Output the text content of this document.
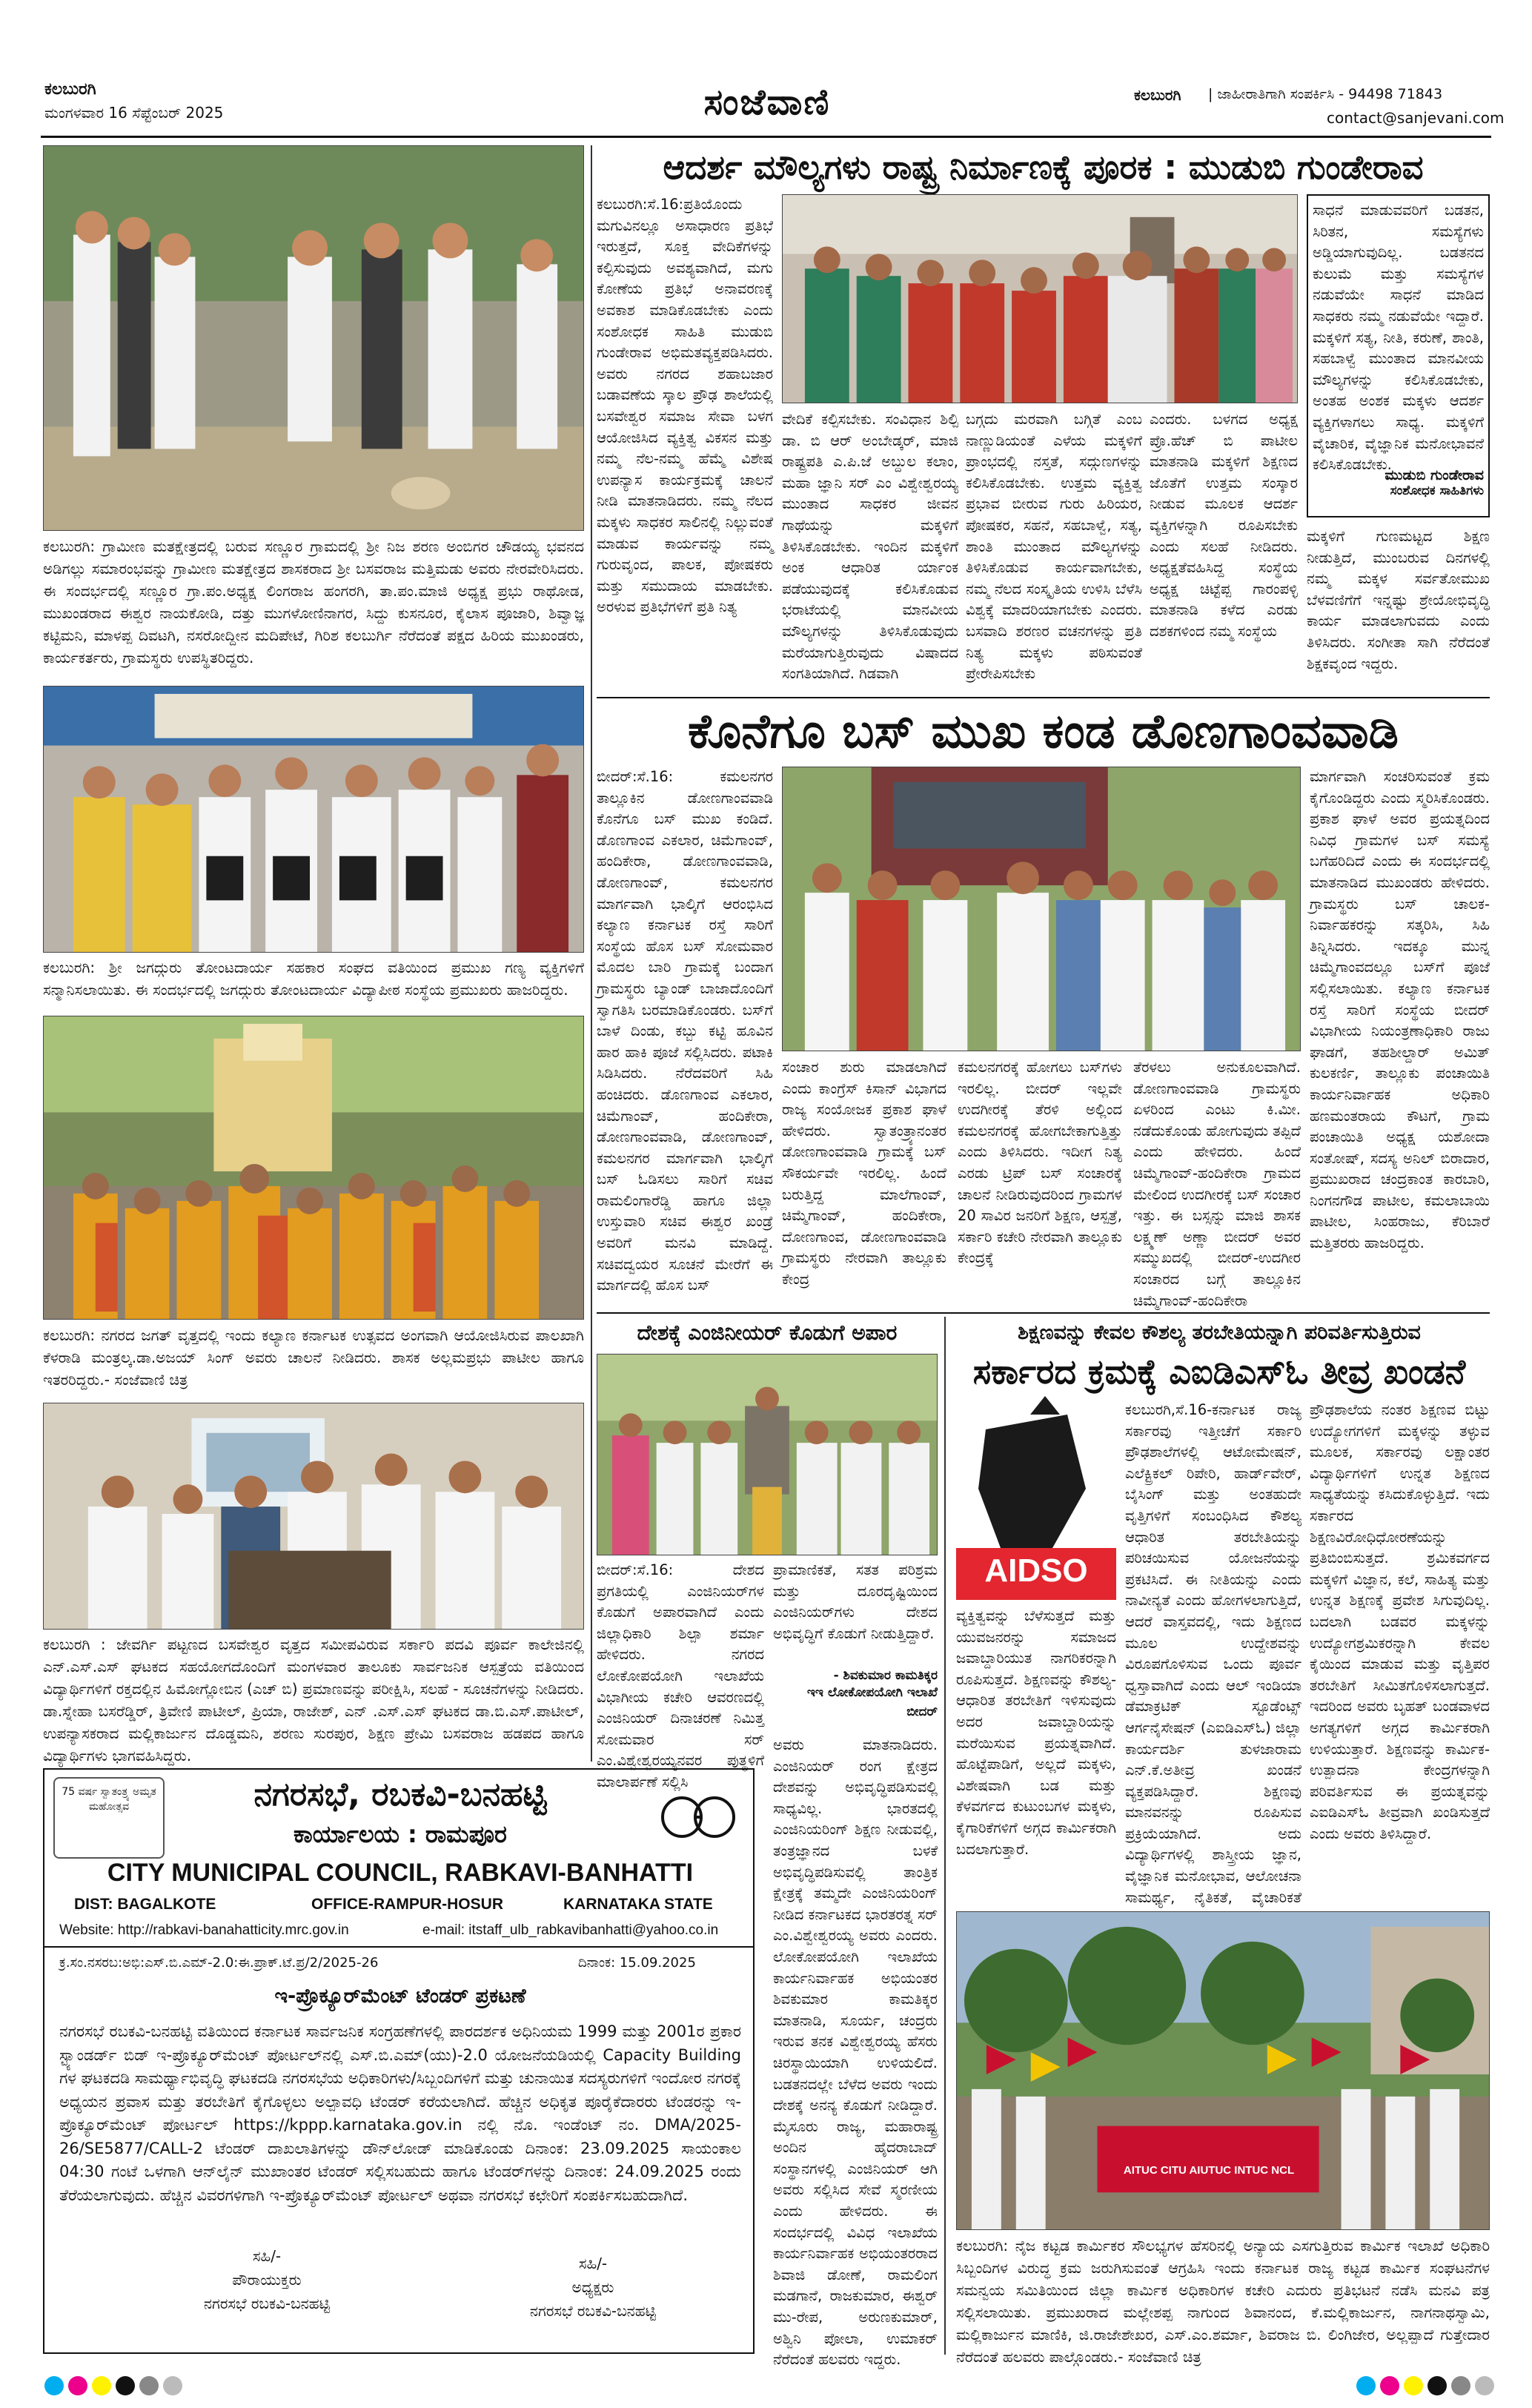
ಕಲಬುರಗಿ
ಮಂಗಳವಾರ 16 ಸೆಪ್ಟೆಂಬರ್ 2025	ಸಂಜೆವಾಣಿ	ಕಲಬುರಗಿ | ಜಾಹೀರಾತಿಗಾಗಿ ಸಂಪರ್ಕಿಸಿ - 94498 71843
contact@sanjevani.com
ಕಲಬುರಗಿ: ಗ್ರಾಮೀಣ ಮತಕ್ಷೇತ್ರದಲ್ಲಿ ಬರುವ ಸಣ್ಣೂರ ಗ್ರಾಮದಲ್ಲಿ ಶ್ರೀ ನಿಜ ಶರಣ ಅಂಬಿಗರ ಚೌಡಯ್ಯ ಭವನದ ಅಡಿಗಲ್ಲು ಸಮಾರಂಭವನ್ನು ಗ್ರಾಮೀಣ ಮತಕ್ಷೇತ್ರದ ಶಾಸಕರಾದ ಶ್ರೀ ಬಸವರಾಜ ಮತ್ತಿಮಡು ಅವರು ನೇರವೇರಿಸಿದರು. ಈ ಸಂದರ್ಭದಲ್ಲಿ ಸಣ್ಣೂರ ಗ್ರಾ.ಪಂ.ಅಧ್ಯಕ್ಷ ಲಿಂಗರಾಜ ಹಂಗರಗಿ, ತಾ.ಪಂ.ಮಾಜಿ ಅಧ್ಯಕ್ಷ ಪ್ರಭು ರಾಥೋಡ, ಮುಖಂಡರಾದ ಈಶ್ವರ ನಾಯಕೋಡಿ, ದತ್ತು ಮುಗಳೋಣಿನಾಗರ, ಸಿದ್ದು ಕುಸನೂರ, ಕೈಲಾಸ ಪೂಜಾರಿ, ಶಿವ್ವಾಜ್ಞ ಕಟ್ಟಿಮನಿ, ಮಾಳಪ್ಪ ದಿವಟಗಿ, ನಸರೋದ್ದೀನ ಮದಿಪೇಟೆ, ಗಿರಿಶ ಕಲಬುರ್ಗಿ ನೆರೆದಂತೆ ಪಕ್ಷದ ಹಿರಿಯ ಮುಖಂಡರು, ಕಾರ್ಯಕರ್ತರು, ಗ್ರಾಮಸ್ಥರು ಉಪಸ್ಥಿತರಿದ್ದರು.
ಕಲಬುರಗಿ: ಶ್ರೀ ಜಗದ್ಗುರು ತೋಂಟದಾರ್ಯ ಸಹಕಾರ ಸಂಘದ ವತಿಯಿಂದ ಪ್ರಮುಖ ಗಣ್ಯ ವ್ಯಕ್ತಿಗಳಿಗೆ ಸನ್ಮಾನಿಸಲಾಯಿತು. ಈ ಸಂದರ್ಭದಲ್ಲಿ ಜಗದ್ಗುರು ತೋಂಟದಾರ್ಯ ವಿದ್ಯಾಪೀಠ ಸಂಸ್ಥೆಯ ಪ್ರಮುಖರು ಹಾಜರಿದ್ದರು.
ಕಲಬುರಗಿ: ನಗರದ ಜಗತ್ ವೃತ್ತದಲ್ಲಿ ಇಂದು ಕಲ್ಯಾಣ ಕರ್ನಾಟಕ ಉತ್ಸವದ ಅಂಗವಾಗಿ ಆಯೋಜಿಸಿರುವ ಪಾಲಖಾಗಿ ಕೆಳರಾಡಿ ಮಂತ್ರಲ್ಕ.ಡಾ.ಅಜಯ್ ಸಿಂಗ್ ಅವರು ಚಾಲನೆ ನೀಡಿದರು. ಶಾಸಕ ಅಲ್ಲಮಪ್ರಭು ಪಾಟೀಲ ಹಾಗೂ ಇತರರಿದ್ದರು.- ಸಂಜೆವಾಣಿ ಚಿತ್ರ
ಕಲಬುರಗಿ : ಜೇವರ್ಗಿ ಪಟ್ಟಣದ ಬಸವೇಶ್ವರ ವೃತ್ತದ ಸಮೀಪವಿರುವ ಸರ್ಕಾರಿ ಪದವಿ ಪೂರ್ವ ಕಾಲೇಜಿನಲ್ಲಿ ಎನ್.ಎಸ್.ಎಸ್ ಘಟಕದ ಸಹಯೋಗದೊಂದಿಗೆ ಮಂಗಳವಾರ ತಾಲೂಕು ಸಾರ್ವಜನಿಕ ಆಸ್ಪತ್ರೆಯ ವತಿಯಿಂದ ವಿದ್ಯಾರ್ಥಿಗಳಿಗೆ ರಕ್ತದಲ್ಲಿನ ಹಿಮೋಗ್ಲೋಬಿನ (ಎಚ್ ಬಿ) ಪ್ರಮಾಣವನ್ನು ಪರೀಕ್ಷಿಸಿ, ಸಲಹೆ - ಸೂಚನೆಗಳನ್ನು ನೀಡಿದರು. ಡಾ.ಸ್ನೇಹಾ ಬಸರೆಡ್ಡಿರ್, ತ್ರಿವೇಣಿ ಪಾಟೀಲ್, ಪ್ರಿಯಾ, ರಾಜೇಶ್, ಎನ್ .ಎಸ್.ಎಸ್ ಘಟಕದ ಡಾ.ಬಿ.ಎಸ್.ಪಾಟೀಲ್, ಉಪನ್ಯಾಸಕರಾದ ಮಲ್ಲಿಕಾರ್ಜುನ ದೊಡ್ಡಮನಿ, ಶರಣು ಸುರಪುರ, ಶಿಕ್ಷಣ ಪ್ರೇಮಿ ಬಸವರಾಜ ಹಡಪದ ಹಾಗೂ ವಿದ್ಯಾರ್ಥಿಗಳು ಭಾಗವಹಿಸಿದ್ದರು.
75 ವರ್ಷ ಸ್ವಾತಂತ್ರ್ಯ ಅಮೃತ ಮಹೋತ್ಸವ	ನಗರಸಭೆ, ರಬಕವಿ-ಬನಹಟ್ಟಿ
ಕಾರ್ಯಾಲಯ : ರಾಮಪೂರ
CITY MUNICIPAL COUNCIL, RABKAVI-BANHATTI
DIST: BAGALKOTE	OFFICE-RAMPUR-HOSUR	KARNATAKA STATE
Website: http://rabkavi-banahatticity.mrc.gov.in	e-mail: itstaff_ulb_rabkavibanhatti@yahoo.co.in
ಕ್ರ.ಸಂ.ನಸರಬ:ಅಭಿ:ಎಸ್.ಬಿ.ಎಮ್-2.0:ಈ.ಪ್ರಾಕ್.ಟೆ.ಪ್ರ/2/2025-26	ದಿನಾಂಕ: 15.09.2025
ಇ-ಪ್ರೊಕ್ಯೂರ್‌ಮೆಂಟ್ ಟೆಂಡರ್ ಪ್ರಕಟಣೆ
ನಗರಸಭೆ ರಬಕವಿ-ಬನಹಟ್ಟಿ ವತಿಯಿಂದ ಕರ್ನಾಟಕ ಸಾರ್ವಜನಿಕ ಸಂಗ್ರಹಣೆಗಳಲ್ಲಿ ಪಾರದರ್ಶಕ ಅಧಿನಿಯಮ 1999 ಮತ್ತು 2001ರ ಪ್ರಕಾರ ಸ್ಟ್ಯಾಂಡರ್ಡ್ ಬಿಡ್ ಇ-ಪ್ರೊಕ್ಯೂರ್‌ಮೆಂಟ್ ಪೋರ್ಟಲ್‌ನಲ್ಲಿ ಎಸ್.ಬಿ.ಎಮ್(ಯು)-2.0 ಯೋಜನೆಯಡಿಯಲ್ಲಿ Capacity Building ಗಳ ಘಟಕದಡಿ ಸಾಮರ್ಥ್ಯಾಭಿವೃದ್ಧಿ ಘಟಕದಡಿ ನಗರಸಭೆಯ ಅಧಿಕಾರಿಗಳು/ಸಿಬ್ಬಂದಿಗಳಿಗೆ ಮತ್ತು ಚುನಾಯಿತ ಸದಸ್ಯರುಗಳಿಗೆ ಇಂದೋರ ನಗರಕ್ಕೆ ಅಧ್ಯಯನ ಪ್ರವಾಸ ಮತ್ತು ತರಬೇತಿಗೆ ಕೈಗೊಳ್ಳಲು ಅಲ್ಪಾವಧಿ ಟೆಂಡರ್ ಕರೆಯಲಾಗಿದೆ. ಹೆಚ್ಚಿನ ಅಧಿಕೃತ ಪೂರೈಕೆದಾರರು ಟೆಂಡರನ್ನು ಇ-ಪ್ರೊಕ್ಯೂರ್‌ಮೆಂಟ್ ಪೋರ್ಟಲ್ https://kppp.karnataka.gov.in ನಲ್ಲಿ ನೊ. ಇಂಡೆಂಟ್ ನಂ. DMA/2025-26/SE5877/CALL-2 ಟೆಂಡರ್ ದಾಖಲಾತಿಗಳನ್ನು ಡೌನ್‌ಲೋಡ್ ಮಾಡಿಕೊಂಡು ದಿನಾಂಕ: 23.09.2025 ಸಾಯಂಕಾಲ 04:30 ಗಂಟೆ ಒಳಗಾಗಿ ಆನ್‌ಲೈನ್ ಮುಖಾಂತರ ಟೆಂಡರ್ ಸಲ್ಲಿಸಬಹುದು ಹಾಗೂ ಟೆಂಡರ್‌ಗಳನ್ನು ದಿನಾಂಕ: 24.09.2025 ರಂದು ತೆರೆಯಲಾಗುವುದು. ಹೆಚ್ಚಿನ ವಿವರಗಳಿಗಾಗಿ ಇ-ಪ್ರೊಕ್ಯೂರ್‌ಮೆಂಟ್ ಪೋರ್ಟಲ್ ಅಥವಾ ನಗರಸಭೆ ಕಛೇರಿಗೆ ಸಂಪರ್ಕಿಸಬಹುದಾಗಿದೆ.
ಸಹಿ/-
ಪೌರಾಯುಕ್ತರು
ನಗರಸಭೆ ರಬಕವಿ-ಬನಹಟ್ಟಿ
ಸಹಿ/-
ಅಧ್ಯಕ್ಷರು
ನಗರಸಭೆ ರಬಕವಿ-ಬನಹಟ್ಟಿ
ಆದರ್ಶ ಮೌಲ್ಯಗಳು ರಾಷ್ಟ್ರ ನಿರ್ಮಾಣಕ್ಕೆ ಪೂರಕ : ಮುಡುಬಿ ಗುಂಡೇರಾವ
ಕಲಬುರಗಿ:ಸೆ.16:ಪ್ರತಿಯೊಂದು ಮಗುವಿನಲ್ಲೂ ಅಸಾಧಾರಣ ಪ್ರತಿಭೆ ಇರುತ್ತದೆ, ಸೂಕ್ತ ವೇದಿಕೆಗಳನ್ನು ಕಲ್ಪಿಸುವುದು ಅವಶ್ಯವಾಗಿದೆ, ಮಗು ಕೋಣೆಯ ಪ್ರತಿಭೆ ಅನಾವರಣಕ್ಕೆ ಅವಕಾಶ ಮಾಡಿಕೊಡಬೇಕು ಎಂದು ಸಂಶೋಧಕ ಸಾಹಿತಿ ಮುಡುಬಿ ಗುಂಡೇರಾವ ಅಭಿಮತವ್ಯಕ್ತಪಡಿಸಿದರು. ಅವರು ನಗರದ ಶಹಾಬಜಾರ ಬಡಾವಣೆಯ ಸ್ಕಾಲ ಪ್ರೌಢ ಶಾಲೆಯಲ್ಲಿ ಬಸವೇಶ್ವರ ಸಮಾಜ ಸೇವಾ ಬಳಗ ಆಯೋಜಿಸಿದ ವ್ಯಕ್ತಿತ್ವ ವಿಕಸನ ಮತ್ತು ನಮ್ಮ ನೆಲ-ನಮ್ಮ ಹೆಮ್ಮೆ ವಿಶೇಷ ಉಪನ್ಯಾಸ ಕಾರ್ಯಕ್ರಮಕ್ಕೆ ಚಾಲನೆ ನೀಡಿ ಮಾತನಾಡಿದರು. ನಮ್ಮ ನೆಲದ ಮಕ್ಕಳು ಸಾಧಕರ ಸಾಲಿನಲ್ಲಿ ನಿಲ್ಲುವಂತೆ ಮಾಡುವ ಕಾರ್ಯವನ್ನು ನಮ್ಮ ಗುರುವೃಂದ, ಪಾಲಕ, ಪೋಷಕರು ಮತ್ತು ಸಮುದಾಯ ಮಾಡಬೇಕು. ಅರಳುವ ಪ್ರತಿಭೆಗಳಿಗೆ ಪ್ರತಿ ನಿತ್ಯ
ವೇದಿಕೆ ಕಲ್ಪಿಸಬೇಕು. ಸಂವಿಧಾನ ಶಿಲ್ಪಿ ಡಾ. ಬಿ ಆರ್ ಅಂಬೇಡ್ಕರ್, ಮಾಜಿ ರಾಷ್ಟ್ರಪತಿ ಎ.ಪಿ.ಜೆ ಅಬ್ದುಲ ಕಲಾಂ, ಮಹಾ ಜ್ಞಾನಿ ಸರ್ ಎಂ ವಿಶ್ವೇಶ್ವರಯ್ಯ ಮುಂತಾದ ಸಾಧಕರ ಜೀವನ ಗಾಥೆಯನ್ನು ಮಕ್ಕಳಿಗೆ ತಿಳಿಸಿಕೊಡಬೇಕು. ಇಂದಿನ ಮಕ್ಕಳಿಗೆ ಅಂಕ ಆಧಾರಿತ ರ್ಯಾಂಕ ಪಡೆಯುವುದಕ್ಕೆ ಕಲಿಸಿಕೊಡುವ ಭರಾಟೆಯಲ್ಲಿ ಮಾನವೀಯ ಮೌಲ್ಯಗಳನ್ನು ತಿಳಿಸಿಕೊಡುವುದು ಮರೆಯಾಗುತ್ತಿರುವುದು ವಿಷಾದದ ಸಂಗತಿಯಾಗಿದೆ. ಗಿಡವಾಗಿ
ಬಗ್ಗದು ಮರವಾಗಿ ಬಗ್ಗಿತೆ ಎಂಬ ನಾಣ್ಣುಡಿಯಂತೆ ಎಳೆಯ ಮಕ್ಕಳಿಗೆ ಪ್ರಾಂಭದಲ್ಲಿ ನಸ್ತತೆ, ಸದ್ಗುಣಗಳನ್ನು ಕಲಿಸಿಕೊಡಬೇಕು. ಉತ್ತಮ ವ್ಯಕ್ತಿತ್ವ ಪ್ರಭಾವ ಬೀರುವ ಗುರು ಹಿರಿಯರ, ಪೋಷಕರ, ಸಹನೆ, ಸಹಬಾಳ್ವೆ, ಸತ್ಯ, ಶಾಂತಿ ಮುಂತಾದ ಮೌಲ್ಯಗಳನ್ನು ತಿಳಿಸಿಕೊಡುವ ಕಾರ್ಯವಾಗಬೇಕು, ನಮ್ಮ ನೆಲದ ಸಂಸ್ಕೃತಿಯ ಉಳಿಸಿ ಬೆಳೆಸಿ ವಿಶ್ವಕ್ಕೆ ಮಾದರಿಯಾಗಬೇಕು ಎಂದರು. ಬಸವಾದಿ ಶರಣರ ವಚನಗಳನ್ನು ಪ್ರತಿ ನಿತ್ಯ ಮಕ್ಕಳು ಪಠಿಸುವಂತೆ ಪ್ರೇರೇಪಿಸಬೇಕು
ಎಂದರು. ಬಳಗದ ಅಧ್ಯಕ್ಷ ಪ್ರೊ.ಹೆಚ್ ಬಿ ಪಾಟೀಲ ಮಾತನಾಡಿ ಮಕ್ಕಳಿಗೆ ಶಿಕ್ಷಣದ ಜೊತೆಗೆ ಉತ್ತಮ ಸಂಸ್ಕಾರ ನೀಡುವ ಮೂಲಕ ಆದರ್ಶ ವ್ಯಕ್ತಿಗಳನ್ನಾಗಿ ರೂಪಿಸಬೇಕು ಎಂದು ಸಲಹೆ ನೀಡಿದರು. ಅಧ್ಯಕ್ಷತೆವಹಿಸಿದ್ದ ಸಂಸ್ಥೆಯ ಅಧ್ಯಕ್ಷ ಚಿಟ್ಟೆಪ್ಪ ಗಾರಂಪಳ್ಳಿ ಮಾತನಾಡಿ ಕಳೆದ ಎರಡು ದಶಕಗಳಿಂದ ನಮ್ಮ ಸಂಸ್ಥೆಯ
ಸಾಧನೆ ಮಾಡುವವರಿಗೆ ಬಡತನ, ಸಿರಿತನ, ಸಮಸ್ಯೆಗಳು ಅಡ್ಡಿಯಾಗುವುದಿಲ್ಲ. ಬಡತನದ ಕುಲುಮೆ ಮತ್ತು ಸಮಸ್ಯೆಗಳ ನಡುವೆಯೇ ಸಾಧನೆ ಮಾಡಿದ ಸಾಧಕರು ನಮ್ಮ ನಡುವೆಯೇ ಇದ್ದಾರೆ. ಮಕ್ಕಳಿಗೆ ಸತ್ಯ, ನೀತಿ, ಕರುಣೆ, ಶಾಂತಿ, ಸಹಬಾಳ್ವೆ ಮುಂತಾದ ಮಾನವೀಯ ಮೌಲ್ಯಗಳನ್ನು ಕಲಿಸಿಕೊಡಬೇಕು, ಅಂತಹ ಅಂಶಕ ಮಕ್ಕಳು ಆದರ್ಶ ವ್ಯಕ್ತಿಗಳಾಗಲು ಸಾಧ್ಯ. ಮಕ್ಕಳಿಗೆ ವೈಚಾರಿಕ, ವೈಜ್ಞಾನಿಕ ಮನೋಭಾವನೆ ಕಲಿಸಿಕೊಡಬೇಕು.
ಮುಡುಬಿ ಗುಂಡೇರಾವ
ಸಂಶೋಧಕ ಸಾಹಿತಿಗಳು
ಮಕ್ಕಳಿಗೆ ಗುಣಮಟ್ಟದ ಶಿಕ್ಷಣ ನೀಡುತ್ತಿದೆ, ಮುಂಬರುವ ದಿನಗಳಲ್ಲಿ ನಮ್ಮ ಮಕ್ಕಳ ಸರ್ವತೋಮುಖ ಬೆಳವಣಿಗೆಗೆ ಇನ್ನಷ್ಟು ಶ್ರೇಯೋಭಿವೃದ್ಧಿ ಕಾರ್ಯ ಮಾಡಲಾಗುವದು ಎಂದು ತಿಳಿಸಿದರು. ಸಂಗೀತಾ ಸಾಗಿ ನೆರೆದಂತೆ ಶಿಕ್ಷಕವೃಂದ ಇದ್ದರು.
ಕೊನೆಗೂ ಬಸ್ ಮುಖ ಕಂಡ ಡೊಣಗಾಂವವಾಡಿ
ಬೀದರ್:ಸೆ.16: ಕಮಲನಗರ ತಾಲ್ಲೂಕಿನ ಡೋಣಗಾಂವವಾಡಿ ಕೊನೆಗೂ ಬಸ್ ಮುಖ ಕಂಡಿದೆ. ಡೊಣಗಾಂವ ಎಕಲಾರ, ಚಿಮೆಗಾಂವ್, ಹಂದಿಕೇರಾ, ಡೋಣಗಾಂವವಾಡಿ, ಡೋಣಗಾಂವ್, ಕಮಲನಗರ ಮಾರ್ಗವಾಗಿ ಭಾಲ್ಕಿಗೆ ಆರಂಭಿಸಿದ ಕಲ್ಯಾಣ ಕರ್ನಾಟಕ ರಸ್ತೆ ಸಾರಿಗೆ ಸಂಸ್ಥೆಯ ಹೊಸ ಬಸ್ ಸೋಮವಾರ ಮೊದಲ ಬಾರಿ ಗ್ರಾಮಕ್ಕೆ ಬಂದಾಗ ಗ್ರಾಮಸ್ಥರು ಬ್ಯಾಂಡ್ ಬಾಜಾದೊಂದಿಗೆ ಸ್ವಾಗತಿಸಿ ಬರಮಾಡಿಕೊಂಡರು. ಬಸ್‌ಗೆ ಬಾಳೆ ದಿಂಡು, ಕಬ್ಬು ಕಟ್ಟಿ ಹೂವಿನ ಹಾರ ಹಾಕಿ ಪೂಜೆ ಸಲ್ಲಿಸಿದರು. ಪಟಾಕಿ ಸಿಡಿಸಿದರು. ನೆರೆದವರಿಗೆ ಸಿಹಿ ಹಂಚಿದರು. ಡೊಣಗಾಂವ ಎಕಲಾರ, ಚಿಮೆಗಾಂವ್, ಹಂದಿಕೇರಾ, ಡೋಣಗಾಂವವಾಡಿ, ಡೋಣಗಾಂವ್, ಕಮಲನಗರ ಮಾರ್ಗವಾಗಿ ಭಾಲ್ಕಿಗೆ ಬಸ್ ಓಡಿಸಲು ಸಾರಿಗೆ ಸಚಿವ ರಾಮಲಿಂಗಾರೆಡ್ಡಿ ಹಾಗೂ ಜಿಲ್ಲಾ ಉಸ್ತುವಾರಿ ಸಚಿವ ಈಶ್ವರ ಖಂಡ್ರೆ ಅವರಿಗೆ ಮನವಿ ಮಾಡಿದ್ದೆ. ಸಚಿವದ್ವಯರ ಸೂಚನೆ ಮೇರೆಗೆ ಈ ಮಾರ್ಗದಲ್ಲಿ ಹೊಸ ಬಸ್
ಸಂಚಾರ ಶುರು ಮಾಡಲಾಗಿದೆ ಎಂದು ಕಾಂಗ್ರೆಸ್ ಕಿಸಾನ್ ವಿಭಾಗದ ರಾಜ್ಯ ಸಂಯೋಜಕ ಪ್ರಕಾಶ ಘಾಳೆ ಹೇಳಿದರು. ಸ್ವಾತಂತ್ರ್ಯಾನಂತರ ಡೋಣಗಾಂವವಾಡಿ ಗ್ರಾಮಕ್ಕೆ ಬಸ್ ಸೌಕರ್ಯವೇ ಇರಲಿಲ್ಲ. ಹಿಂದೆ ಬರುತ್ತಿದ್ದ ಮಾಲೆಗಾಂವ್, ಚಿಮ್ಮೆಗಾಂವ್, ಹಂದಿಕೇರಾ, ದೋಣಗಾಂವ, ಡೋಣಗಾಂವವಾಡಿ ಗ್ರಾಮಸ್ಥರು ನೇರವಾಗಿ ತಾಲ್ಲೂಕು ಕೇಂದ್ರ
ಕಮಲನಗರಕ್ಕೆ ಹೋಗಲು ಬಸ್‌ಗಳು ಇರಲಿಲ್ಲ. ಬೀದರ್ ಇಲ್ಲವೇ ಉದಗೀರಕ್ಕೆ ತೆರಳಿ ಅಲ್ಲಿಂದ ಕಮಲನಗರಕ್ಕೆ ಹೋಗಬೇಕಾಗುತ್ತಿತ್ತು ಎಂದು ತಿಳಿಸಿದರು. ಇದೀಗ ನಿತ್ಯ ಎರಡು ಟ್ರಿಪ್ ಬಸ್ ಸಂಚಾರಕ್ಕೆ ಚಾಲನೆ ನೀಡಿರುವುದರಿಂದ ಗ್ರಾಮಗಳ 20 ಸಾವಿರ ಜನರಿಗೆ ಶಿಕ್ಷಣ, ಆಸ್ಪತ್ರೆ, ಸರ್ಕಾರಿ ಕಚೇರಿ ನೇರವಾಗಿ ತಾಲ್ಲೂಕು ಕೇಂದ್ರಕ್ಕೆ
ತೆರಳಲು ಅನುಕೂಲವಾಗಿದೆ. ಡೋಣಗಾಂವವಾಡಿ ಗ್ರಾಮಸ್ಥರು ಏಳರಿಂದ ಎಂಟು ಕಿ.ಮೀ. ನಡೆದುಕೊಂಡು ಹೋಗುವುದು ತಪ್ಪಿದೆ ಎಂದು ಹೇಳಿದರು. ಹಿಂದೆ ಚಿಮ್ಮೆಗಾಂವ್-ಹಂದಿಕೇರಾ ಗ್ರಾಮದ ಮೇಲಿಂದ ಉದಗೀರಕ್ಕೆ ಬಸ್ ಸಂಚಾರ ಇತ್ತು. ಈ ಬಸ್ಸನ್ನು ಮಾಜಿ ಶಾಸಕ ಲಕ್ಷ್ಮಣ್ ಅಣ್ಣಾ ಬೀದರ್ ಅವರ ಸಮ್ಮುಖದಲ್ಲಿ ಬೀದರ್-ಉದಗೀರ ಸಂಚಾರದ ಬಗ್ಗೆ ತಾಲ್ಲೂಕಿನ ಚಿಮ್ಮೆಗಾಂವ್-ಹಂದಿಕೇರಾ
ಮಾರ್ಗವಾಗಿ ಸಂಚರಿಸುವಂತೆ ಕ್ರಮ ಕೈಗೊಂಡಿದ್ದರು ಎಂದು ಸ್ಮರಿಸಿಕೊಂಡರು. ಪ್ರಕಾಶ ಘಾಳೆ ಅವರ ಪ್ರಯತ್ನದಿಂದ ನಿವಿಧ ಗ್ರಾಮಗಳ ಬಸ್ ಸಮಸ್ಯೆ ಬಗೆಹರಿದಿದೆ ಎಂದು ಈ ಸಂದರ್ಭದಲ್ಲಿ ಮಾತನಾಡಿದ ಮುಖಂಡರು ಹೇಳಿದರು. ಗ್ರಾಮಸ್ಥರು ಬಸ್ ಚಾಲಕ-ನಿರ್ವಾಹಕರನ್ನು ಸತ್ಕರಿಸಿ, ಸಿಹಿ ತಿನ್ನಿಸಿದರು. ಇದಕ್ಕೂ ಮುನ್ನ ಚಿಮ್ಮೆಗಾಂವದಲ್ಲೂ ಬಸ್‌ಗೆ ಪೂಜೆ ಸಲ್ಲಿಸಲಾಯಿತು. ಕಲ್ಯಾಣ ಕರ್ನಾಟಕ ರಸ್ತೆ ಸಾರಿಗೆ ಸಂಸ್ಥೆಯ ಬೀದರ್ ವಿಭಾಗೀಯ ನಿಯಂತ್ರಣಾಧಿಕಾರಿ ರಾಜು ಘಾಡಗೆ, ತಹಶೀಲ್ದಾರ್ ಅಮಿತ್ ಕುಲಕರ್ಣಿ, ತಾಲ್ಲೂಕು ಪಂಚಾಯಿತಿ ಕಾರ್ಯನಿರ್ವಾಹಕ ಅಧಿಕಾರಿ ಹಣಮಂತರಾಯ ಕೌಟಗೆ, ಗ್ರಾಮ ಪಂಚಾಯಿತಿ ಅಧ್ಯಕ್ಷ ಯಶೋದಾ ಸಂತೋಷ್, ಸದಸ್ಯ ಅನಿಲ್ ಬಿರಾದಾರ, ಪ್ರಮುಖರಾದ ಚಂದ್ರಕಾಂತ ಕಾರಬಾರಿ, ನಿಂಗನಗೌಡ ಪಾಟೀಲ, ಕಮಲಾಬಾಯಿ ಪಾಟೀಲ, ಸಿಂಹರಾಜು, ಕೆರಿಬಾರೆ ಮತ್ತಿತರರು ಹಾಜರಿದ್ದರು.
ದೇಶಕ್ಕೆ ಎಂಜಿನೀಯರ್ ಕೊಡುಗೆ ಅಪಾರ
ಬೀದರ್:ಸೆ.16: ದೇಶದ ಪ್ರಗತಿಯಲ್ಲಿ ಎಂಜಿನಿಯರ್‌ಗಳ ಕೊಡುಗೆ ಅಪಾರವಾಗಿದೆ ಎಂದು ಜಿಲ್ಲಾಧಿಕಾರಿ ಶಿಲ್ಪಾ ಶರ್ಮಾ ಹೇಳಿದರು. ನಗರದ ಲೋಕೋಪಯೋಗಿ ಇಲಾಖೆಯ ವಿಭಾಗೀಯ ಕಚೇರಿ ಆವರಣದಲ್ಲಿ ಎಂಜಿನಿಯರ್ ದಿನಾಚರಣೆ ನಿಮಿತ್ತ ಸೋಮವಾರ ಸರ್ ಎಂ.ವಿಶ್ವೇಶ್ವರಯ್ಯನವರ ಪುತ್ಥಳಿಗೆ ಮಾಲಾರ್ಪಣೆ ಸಲ್ಲಿಸಿ
ಪ್ರಾಮಾಣಿಕತೆ, ಸತತ ಪರಿಶ್ರಮ ಮತ್ತು ದೂರದೃಷ್ಟಿಯಿಂದ ಎಂಜಿನಿಯರ್‌ಗಳು ದೇಶದ ಅಭಿವೃದ್ಧಿಗೆ ಕೊಡುಗೆ ನೀಡುತ್ತಿದ್ದಾರೆ.
- ಶಿವಕುಮಾರ ಕಾಮತಿಕ್ಕರ
ಇಇ ಲೋಕೋಪಯೋಗಿ ಇಲಾಖೆ ಬೀದರ್
ಅವರು ಮಾತನಾಡಿದರು. ಎಂಜಿನಿಯರ್ ರಂಗ ಕ್ಷೇತ್ರದ ದೇಶವನ್ನು ಅಭಿವೃದ್ಧಿಪಡಿಸುವಲ್ಲಿ ಸಾಧ್ಯವಿಲ್ಲ. ಭಾರತದಲ್ಲಿ ಎಂಜಿನಿಯರಿಂಗ್ ಶಿಕ್ಷಣ ನೀಡುವಲ್ಲಿ, ತಂತ್ರಜ್ಞಾನದ ಬಳಕೆ ಅಭಿವೃದ್ಧಿಪಡಿಸುವಲ್ಲಿ ತಾಂತ್ರಿಕ ಕ್ಷೇತ್ರಕ್ಕೆ ತಮ್ಮದೇ ಎಂಜಿನಿಯರಿಂಗ್ ನೀಡಿದ ಕರ್ನಾಟಕದ ಭಾರತರತ್ನ ಸರ್ ಎಂ.ವಿಶ್ವೇಶ್ವರಯ್ಯ ಅವರು ಎಂದರು. ಲೋಕೋಪಯೋಗಿ ಇಲಾಖೆಯ ಕಾರ್ಯನಿರ್ವಾಹಕ ಅಭಿಯಂತರ ಶಿವಕುಮಾರ ಕಾಮತಿಕ್ಕರ ಮಾತನಾಡಿ, ಸೂರ್ಯ, ಚಂದ್ರರು ಇರುವ ತನಕ ವಿಶ್ವೇಶ್ವರಯ್ಯ ಹೆಸರು ಚಿರಸ್ಥಾಯಿಯಾಗಿ ಉಳಿಯಲಿದೆ. ಬಡತನದಲ್ಲೇ ಬೆಳೆದ ಅವರು ಇಂದು ದೇಶಕ್ಕೆ ಅನನ್ಯ ಕೊಡುಗೆ ನೀಡಿದ್ದಾರೆ. ಮೈಸೂರು ರಾಜ್ಯ, ಮಹಾರಾಷ್ಟ್ರ ಅಂದಿನ ಹೈದರಾಬಾದ್ ಸಂಸ್ಥಾನಗಳಲ್ಲಿ ಎಂಜಿನಿಯರ್ ಆಗಿ ಅವರು ಸಲ್ಲಿಸಿದ ಸೇವೆ ಸ್ಮರಣೀಯ ಎಂದು ಹೇಳಿದರು. ಈ ಸಂದರ್ಭದಲ್ಲಿ ವಿವಿಧ ಇಲಾಖೆಯ ಕಾರ್ಯನಿರ್ವಾಹಕ ಅಭಿಯಂತರರಾದ ಶಿವಾಜಿ ಡೋಣೆ, ರಾಮಲಿಂಗ ಮಡಗಾನೆ, ರಾಜಕುಮಾರ, ಈಶ್ವರ್ ಮು-ರೇಪ, ಅರುಣಕುಮಾರ್, ಅಶ್ವಿನಿ ಪೋಲಾ, ಉಮಾಕರ್ ನೆರೆದಂತೆ ಹಲವರು ಇದ್ದರು.
ಶಿಕ್ಷಣವನ್ನು ಕೇವಲ ಕೌಶಲ್ಯ ತರಬೇತಿಯನ್ನಾಗಿ ಪರಿವರ್ತಿಸುತ್ತಿರುವ
ಸರ್ಕಾರದ ಕ್ರಮಕ್ಕೆ ಎಐಡಿಎಸ್‌ಓ ತೀವ್ರ ಖಂಡನೆ
AIDSO
ಕಲಬುರಗಿ,ಸೆ.16-ಕರ್ನಾಟಕ ರಾಜ್ಯ ಸರ್ಕಾರವು ಇತ್ತೀಚೆಗೆ ಸರ್ಕಾರಿ ಪ್ರೌಢಶಾಲೆಗಳಲ್ಲಿ ಆಟೋಮೇಷನ್, ಎಲೆಕ್ಟ್ರಿಕಲ್ ರಿಪೇರಿ, ಹಾರ್ಡ್‌ವೇರ್, ಬೈಸಿಂಗ್ ಮತ್ತು ಅಂತಹುದೇ ವೃತ್ತಿಗಳಿಗೆ ಸಂಬಂಧಿಸಿದ ಕೌಶಲ್ಯ ಆಧಾರಿತ ತರಬೇತಿಯನ್ನು ಪರಿಚಯಿಸುವ ಯೋಜನೆಯನ್ನು ಪ್ರಕಟಿಸಿದೆ. ಈ ನೀತಿಯನ್ನು ಎಂದು ನಾವೀನ್ಯತೆ ಎಂದು ಹೋಗಳಲಾಗುತ್ತಿದೆ, ಆದರೆ ವಾಸ್ತವದಲ್ಲಿ, ಇದು ಶಿಕ್ಷಣದ ಮೂಲ ಉದ್ದೇಶವನ್ನು ವಿರೂಪಗೊಳಿಸುವ ಒಂದು ಪೂರ್ವ ಧ್ವಸ್ತಾವಾಗಿದೆ ಎಂದು ಆಲ್ ಇಂಡಿಯಾ ಡೆಮಾಕ್ರಟಿಕ್ ಸ್ಟೂಡೆಂಟ್ಸ್ ಆರ್ಗನೈಸೇಷನ್ (ಎಐಡಿಎಸ್‌ಓ) ಜಿಲ್ಲಾ ಕಾರ್ಯದರ್ಶಿ ತುಳಜಾರಾಮ ಎನ್.ಕೆ.ಅತೀವ್ರ ಖಂಡನೆ ವ್ಯಕ್ತಪಡಿಸಿದ್ದಾರೆ. ಶಿಕ್ಷಣವು ಮಾನವನನ್ನು ರೂಪಿಸುವ ಪ್ರಕ್ರಿಯೆಯಾಗಿದೆ. ಅದು ವಿದ್ಯಾರ್ಥಿಗಳಲ್ಲಿ ಶಾಸ್ತ್ರೀಯ ಜ್ಞಾನ, ವೈಜ್ಞಾನಿಕ ಮನೋಭಾವ, ಆಲೋಚನಾ ಸಾಮರ್ಥ್ಯ, ನೈತಿಕತೆ, ವೈಚಾರಿಕತೆ
ವ್ಯಕ್ತಿತ್ವವನ್ನು ಬೆಳೆಸುತ್ತದೆ ಮತ್ತು ಯುವಜನರನ್ನು ಸಮಾಜದ ಜವಾಬ್ದಾರಿಯುತ ನಾಗರಿಕರನ್ನಾಗಿ ರೂಪಿಸುತ್ತದೆ. ಶಿಕ್ಷಣವನ್ನು ಕೌಶಲ್ಯ-ಆಧಾರಿತ ತರಬೇತಿಗೆ ಇಳಿಸುವುದು ಅದರ ಜವಾಬ್ದಾರಿಯನ್ನು ಮರೆಯಿಸುವ ಪ್ರಯತ್ನವಾಗಿದೆ. ಹೊಟ್ಟೆಪಾಡಿಗೆ, ಅಲ್ಲದೆ ಮಕ್ಕಳು, ವಿಶೇಷವಾಗಿ ಬಡ ಮತ್ತು ಕೆಳವರ್ಗದ ಕುಟುಂಬಗಳ ಮಕ್ಕಳು, ಕೈಗಾರಿಕೆಗಳಿಗೆ ಅಗ್ಗದ ಕಾರ್ಮಿಕರಾಗಿ ಬದಲಾಗುತ್ತಾರೆ.
ಪ್ರೌಢಶಾಲೆಯ ನಂತರ ಶಿಕ್ಷಣವ ಬಿಟ್ಟು ಉದ್ಯೋಗಗಳಿಗೆ ಮಕ್ಕಳನ್ನು ತಳ್ಳುವ ಮೂಲಕ, ಸರ್ಕಾರವು ಲಕ್ಷಾಂತರ ವಿದ್ಯಾರ್ಥಿಗಳಿಗೆ ಉನ್ನತ ಶಿಕ್ಷಣದ ಸಾಧ್ಯತೆಯನ್ನು ಕಸಿದುಕೊಳ್ಳುತ್ತಿದೆ. ಇದು ಸರ್ಕಾರದ ಶಿಕ್ಷಣವಿರೋಧಿಧೋರಣೆಯನ್ನು ಪ್ರತಿಬಿಂಬಿಸುತ್ತದೆ. ಶ್ರಮಿಕವರ್ಗದ ಮಕ್ಕಳಿಗೆ ವಿಜ್ಞಾನ, ಕಲೆ, ಸಾಹಿತ್ಯ ಮತ್ತು ಉನ್ನತ ಶಿಕ್ಷಣಕ್ಕೆ ಪ್ರವೇಶ ಸಿಗುವುದಿಲ್ಲ. ಬದಲಾಗಿ ಬಡವರ ಮಕ್ಕಳನ್ನು ಉದ್ಯೋಗಶ್ರಮಿಕರನ್ನಾಗಿ ಕೇವಲ ಕೈಯಿಂದ ಮಾಡುವ ಮತ್ತು ವೃತ್ತಿಪರ ತರಬೇತಿಗೆ ಸೀಮಿತಗೊಳಿಸಲಾಗುತ್ತದೆ. ಇದರಿಂದ ಅವರು ಬೃಹತ್ ಬಂಡವಾಳದ ಅಗತ್ಯಗಳಿಗೆ ಅಗ್ಗದ ಕಾರ್ಮಿಕರಾಗಿ ಉಳಿಯುತ್ತಾರೆ. ಶಿಕ್ಷಣವನ್ನು ಕಾರ್ಮಿಕ-ಉತ್ಪಾದನಾ ಕೇಂದ್ರಗಳನ್ನಾಗಿ ಪರಿವರ್ತಿಸುವ ಈ ಪ್ರಯತ್ನವನ್ನು ಎಐಡಿಎಸ್‌ಓ ತೀವ್ರವಾಗಿ ಖಂಡಿಸುತ್ತದೆ ಎಂದು ಅವರು ತಿಳಿಸಿದ್ದಾರೆ.
AITUC CITU AIUTUC INTUC NCL
ಕಲಬುರಗಿ: ನೈಜ ಕಟ್ಟಡ ಕಾರ್ಮಿಕರ ಸೌಲಭ್ಯಗಳ ಹೆಸರಿನಲ್ಲಿ ಅನ್ಯಾಯ ಎಸಗುತ್ತಿರುವ ಕಾರ್ಮಿಕ ಇಲಾಖೆ ಅಧಿಕಾರಿ ಸಿಬ್ಬಂದಿಗಳ ವಿರುದ್ಧ ಕ್ರಮ ಜರುಗಿಸುವಂತೆ ಆಗ್ರಹಿಸಿ ಇಂದು ಕರ್ನಾಟಕ ರಾಜ್ಯ ಕಟ್ಟಡ ಕಾರ್ಮಿಕ ಸಂಘಟನೆಗಳ ಸಮನ್ವಯ ಸಮಿತಿಯಿಂದ ಜಿಲ್ಲಾ ಕಾರ್ಮಿಕ ಅಧಿಕಾರಿಗಳ ಕಚೇರಿ ಎದುರು ಪ್ರತಿಭಟನೆ ನಡೆಸಿ ಮನವಿ ಪತ್ರ ಸಲ್ಲಿಸಲಾಯಿತು. ಪ್ರಮುಖರಾದ ಮಲ್ಲೇಶಪ್ಪ ನಾಗುಂದ ಶಿವಾನಂದ, ಕೆ.ಮಲ್ಲಿಕಾರ್ಜುನ, ನಾಗನಾಥಸ್ವಾಮಿ, ಮಲ್ಲಿಕಾರ್ಜುನ ಮಾಣಿಕಿ, ಜಿ.ರಾಜೇಶೇಖರ, ಎಸ್.ಎಂ.ಶರ್ಮಾ, ಶಿವರಾಜ ಬಿ. ಲಿಂಗಿಜೇರ, ಅಲ್ಲಪ್ಪಾದೆ ಗುತ್ತೇದಾರ ನೆರೆದಂತೆ ಹಲವರು ಪಾಲ್ಗೊಂಡರು.- ಸಂಜೆವಾಣಿ ಚಿತ್ರ
